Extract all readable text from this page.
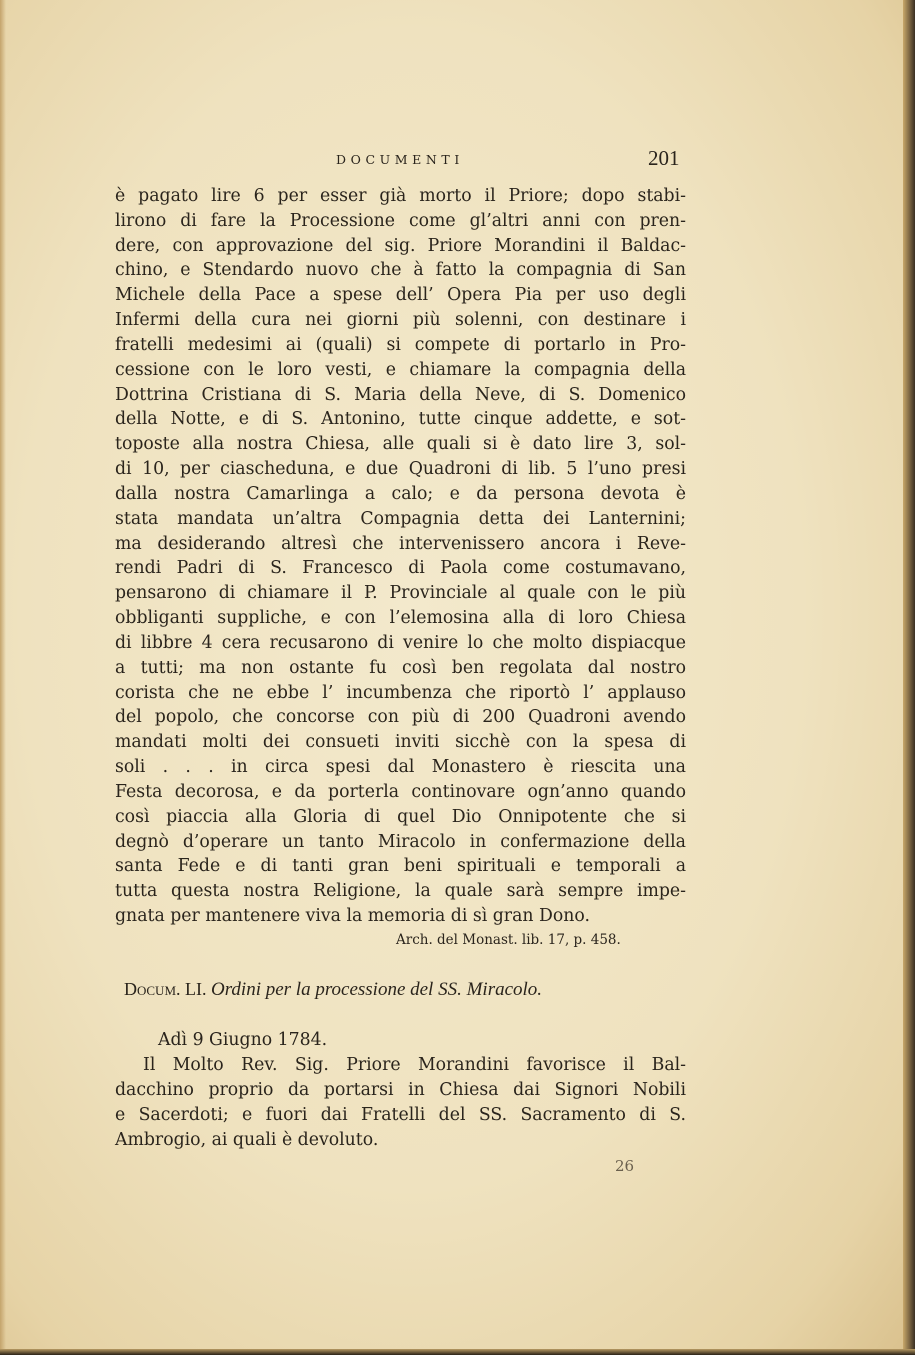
DOCUMENTI	201
è pagato lire 6 per esser già morto il Priore; dopo stabi-
lirono di fare la Processione come gl’altri anni con pren-
dere, con approvazione del sig. Priore Morandini il Baldac-
chino, e Stendardo nuovo che à fatto la compagnia di San
Michele della Pace a spese dell’ Opera Pia per uso degli
Infermi della cura nei giorni più solenni, con destinare i
fratelli medesimi ai (quali) si compete di portarlo in Pro-
cessione con le loro vesti, e chiamare la compagnia della
Dottrina Cristiana di S. Maria della Neve, di S. Domenico
della Notte, e di S. Antonino, tutte cinque addette, e sot-
toposte alla nostra Chiesa, alle quali si è dato lire 3, sol-
di 10, per ciascheduna, e due Quadroni di lib. 5 l’uno presi
dalla nostra Camarlinga a calo; e da persona devota è
stata mandata un’altra Compagnia detta dei Lanternini;
ma desiderando altresì che intervenissero ancora i Reve-
rendi Padri di S. Francesco di Paola come costumavano,
pensarono di chiamare il P. Provinciale al quale con le più
obbliganti suppliche, e con l’elemosina alla di loro Chiesa
di libbre 4 cera recusarono di venire lo che molto dispiacque
a tutti; ma non ostante fu così ben regolata dal nostro
corista che ne ebbe l’ incumbenza che riportò l’ applauso
del popolo, che concorse con più di 200 Quadroni avendo
mandati molti dei consueti inviti sicchè con la spesa di
soli . . . in circa spesi dal Monastero è riescita una
Festa decorosa, e da porterla continovare ogn’anno quando
così piaccia alla Gloria di quel Dio Onnipotente che si
degnò d’operare un tanto Miracolo in confermazione della
santa Fede e di tanti gran beni spirituali e temporali a
tutta questa nostra Religione, la quale sarà sempre impe-
gnata per mantenere viva la memoria di sì gran Dono.
Arch. del Monast. lib. 17, p. 458.
Docum. LI. Ordini per la processione del SS. Miracolo.
Adì 9 Giugno 1784.
Il Molto Rev. Sig. Priore Morandini favorisce il Bal-
dacchino proprio da portarsi in Chiesa dai Signori Nobili
e Sacerdoti; e fuori dai Fratelli del SS. Sacramento di S.
Ambrogio, ai quali è devoluto.
26
